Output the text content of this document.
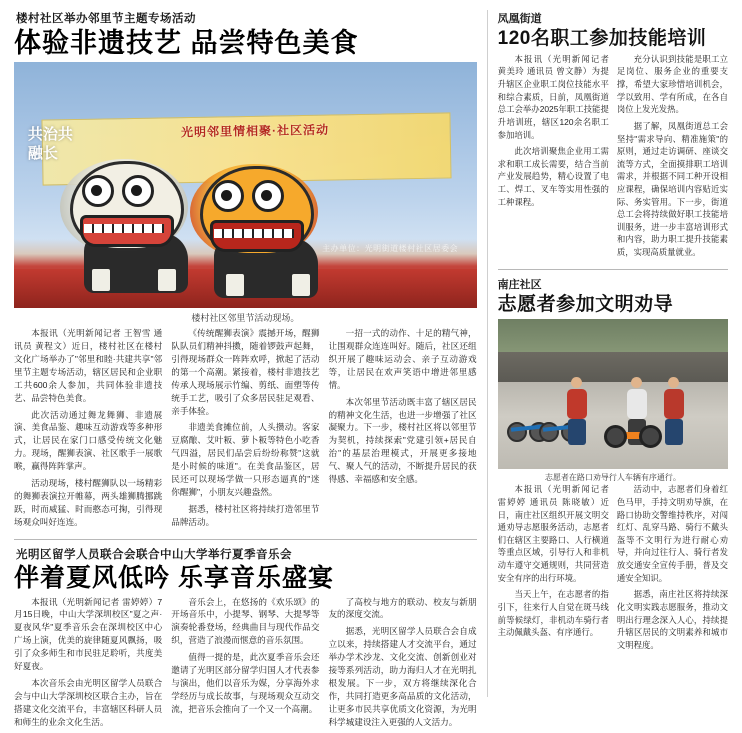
楼村社区举办邻里节主题专场活动
体验非遗技艺 品尝特色美食
光明邻里情相聚·社区活动
共治共融长
主办单位：光明街道楼村社区居委会
楼村社区邻里节活动现场。

本报讯（光明新闻记者 王智雪 通讯员 黄程文）近日，楼村社区在楼村文化广场举办了"邻里和睦·共建共享"邻里节主题专场活动，辖区居民和企业职工共600余人参加，共同体验非遗技艺、品尝特色美食。

此次活动通过舞龙舞狮、非遗展演、美食品鉴、趣味互动游戏等多种形式，让居民在家门口感受传统文化魅力。现场，醒狮表演、社区歌手一展歌喉，赢得阵阵掌声。

活动现场，楼村醒狮队以一场精彩的舞狮表演拉开帷幕，两头雄狮腾挪跳跃，时而威猛、时而憨态可掬，引得现场观众叫好连连。

《传统醒狮表演》震撼开场，醒狮队队员们精神抖擞，随着锣鼓声起舞，引得现场群众一阵阵欢呼，掀起了活动的第一个高潮。紧接着，楼村非遗技艺传承人现场展示竹编、剪纸、面塑等传统手工艺，吸引了众多居民驻足观看、亲手体验。

非遗美食摊位前，人头攒动。客家豆腐酿、艾叶粄、萝卜粄等特色小吃香气四溢，居民们品尝后纷纷称赞"这就是小时候的味道"。在美食品鉴区，居民还可以现场学做一只形态逼真的"迷你醒狮"，小朋友兴趣盎然。

据悉，楼村社区将持续打造邻里节品牌活动。

一招一式的动作、十足的精气神，让围观群众连连叫好。随后，社区还组织开展了趣味运动会、亲子互动游戏等，让居民在欢声笑语中增进邻里感情。

本次邻里节活动既丰富了辖区居民的精神文化生活，也进一步增强了社区凝聚力。下一步，楼村社区将以邻里节为契机，持续探索"党建引领+居民自治"的基层治理模式，开展更多接地气、聚人气的活动，不断提升居民的获得感、幸福感和安全感。

光明区留学人员联合会联合中山大学举行夏季音乐会
伴着夏风低吟 乐享音乐盛宴

本报讯（光明新闻记者 雷婷婷）7月15日晚，中山大学深圳校区"夏之声·夏夜风华"夏季音乐会在深圳校区中心广场上演，优美的旋律随夏风飘扬，吸引了众多师生和市民驻足聆听，共度美好夏夜。

本次音乐会由光明区留学人员联合会与中山大学深圳校区联合主办，旨在搭建文化交流平台，丰富辖区科研人员和师生的业余文化生活。

音乐会上，在悠扬的《欢乐颂》的开场音乐中，小提琴、钢琴、大提琴等演奏轮番登场，经典曲目与现代作品交织，营造了浪漫而惬意的音乐氛围。

值得一提的是，此次夏季音乐会还邀请了光明区部分留学归国人才代表参与演出，他们以音乐为媒，分享海外求学经历与成长故事，与现场观众互动交流，把音乐会推向了一个又一个高潮。

了高校与地方的联动、校友与新朋友的深度交流。

据悉，光明区留学人员联合会自成立以来，持续搭建人才交流平台，通过举办学术沙龙、文化交流、创新创业对接等系列活动，助力海归人才在光明扎根发展。下一步，双方将继续深化合作，共同打造更多高品质的文化活动，让更多市民共享优质文化资源，为光明科学城建设注入更强的人文活力。

凤凰街道
120名职工参加技能培训

本报讯（光明新闻记者 黄美玲 通讯员 曾文静）为提升辖区企业职工岗位技能水平和综合素质，日前，凤凰街道总工会举办2025年职工技能提升培训班，辖区120余名职工参加培训。

此次培训聚焦企业用工需求和职工成长需要，结合当前产业发展趋势，精心设置了电工、焊工、叉车等实用性强的工种课程。

充分认识到技能是职工立足岗位、服务企业的重要支撑，希望大家珍惜培训机会，学以致用、学有所成，在各自岗位上发光发热。

据了解，凤凰街道总工会坚持"需求导向、精准施策"的原则，通过走访调研、座谈交流等方式，全面摸排职工培训需求，并根据不同工种开设相应课程，确保培训内容贴近实际、务实管用。下一步，街道总工会将持续做好职工技能培训服务，进一步丰富培训形式和内容，助力职工提升技能素质，实现高质量就业。

南庄社区
志愿者参加文明劝导
志愿者在路口劝导行人车辆有序通行。

本报讯（光明新闻记者 雷婷婷 通讯员 陈晓敏）近日，南庄社区组织开展文明交通劝导志愿服务活动，志愿者们在辖区主要路口、人行横道等重点区域，引导行人和非机动车遵守交通规则，共同营造安全有序的出行环境。

当天上午，在志愿者的指引下，往来行人自觉在斑马线前等候绿灯，非机动车骑行者主动佩戴头盔、有序通行。

活动中，志愿者们身着红色马甲，手持文明劝导旗，在路口协助交警维持秩序，对闯红灯、乱穿马路、骑行不戴头盔等不文明行为进行耐心劝导，并向过往行人、骑行者发放交通安全宣传手册，普及交通安全知识。

据悉，南庄社区将持续深化文明实践志愿服务，推动文明出行理念深入人心，持续提升辖区居民的文明素养和城市文明程度。
